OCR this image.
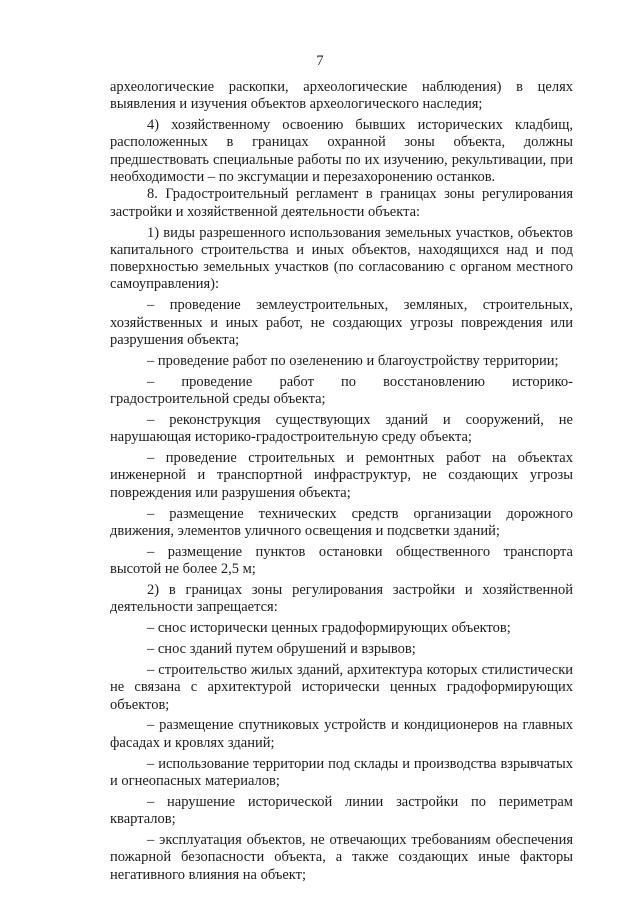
7

археологические раскопки, археологические наблюдения) в целях выявления и изучения объектов археологического наследия;

4) хозяйственному освоению бывших исторических кладбищ, расположенных в границах охранной зоны объекта, должны предшествовать специальные работы по их изучению, рекультивации, при необходимости – по эксгумации и перезахоронению останков.

8. Градостроительный регламент в границах зоны регулирования застройки и хозяйственной деятельности объекта:

1) виды разрешенного использования земельных участков, объектов капитального строительства и иных объектов, находящихся над и под поверхностью земельных участков (по согласованию с органом местного самоуправления):

– проведение землеустроительных, земляных, строительных, хозяйственных и иных работ, не создающих угрозы повреждения или разрушения объекта;

– проведение работ по озеленению и благоустройству территории;

– проведение работ по восстановлению историко-градостроительной среды объекта;

– реконструкция существующих зданий и сооружений, не нарушающая историко-градостроительную среду объекта;

– проведение строительных и ремонтных работ на объектах инженерной и транспортной инфраструктур, не создающих угрозы повреждения или разрушения объекта;

– размещение технических средств организации дорожного движения, элементов уличного освещения и подсветки зданий;

– размещение пунктов остановки общественного транспорта высотой не более 2,5 м;

2) в границах зоны регулирования застройки и хозяйственной деятельности запрещается:

– снос исторически ценных градоформирующих объектов;

– снос зданий путем обрушений и взрывов;

– строительство жилых зданий, архитектура которых стилистически не связана с архитектурой исторически ценных градоформирующих объектов;

– размещение спутниковых устройств и кондиционеров на главных фасадах и кровлях зданий;

– использование территории под склады и производства взрывчатых и огнеопасных материалов;

– нарушение исторической линии застройки по периметрам кварталов;

– эксплуатация объектов, не отвечающих требованиям обеспечения пожарной безопасности объекта, а также создающих иные факторы негативного влияния на объект;
